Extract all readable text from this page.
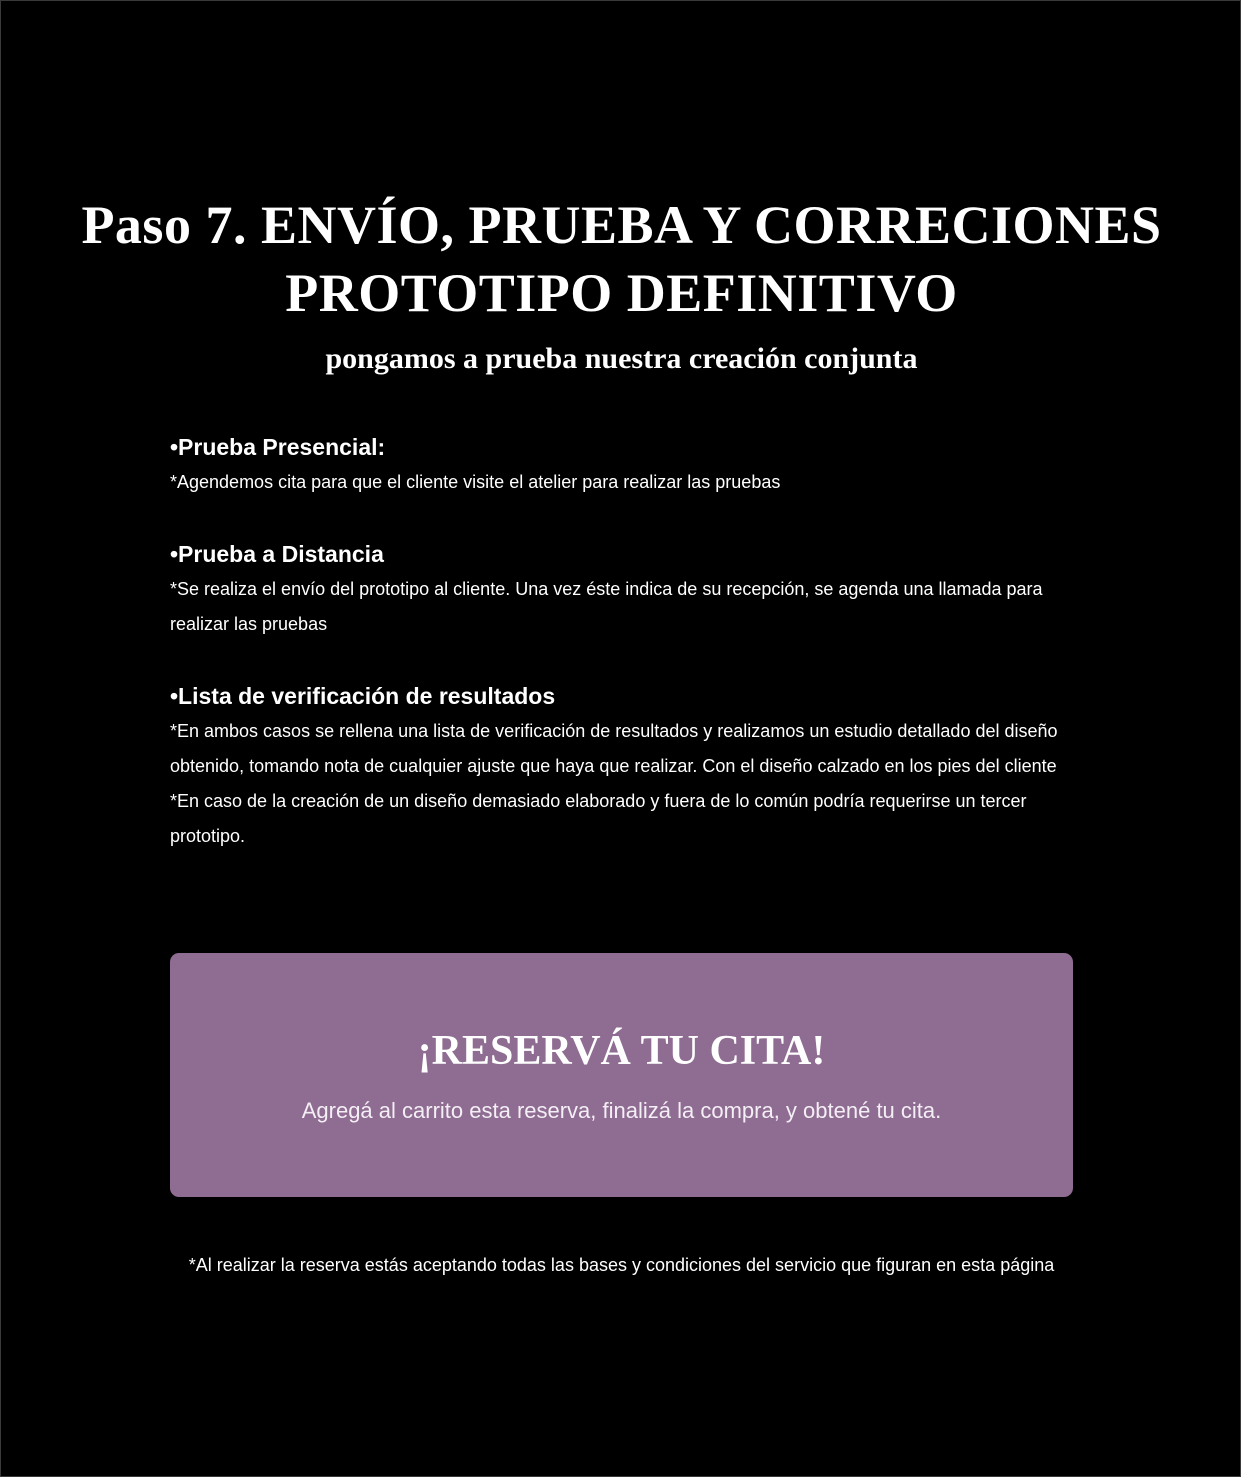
Paso 7. ENVÍO, PRUEBA Y CORRECIONES
PROTOTIPO DEFINITIVO

pongamos a prueba nuestra creación conjunta

•Prueba Presencial:

*Agendemos cita para que el cliente visite el atelier para realizar las pruebas

•Prueba a Distancia

*Se realiza el envío del prototipo al cliente. Una vez éste indica de su recepción, se agenda una llamada para realizar las pruebas

•Lista de verificación de resultados

*En ambos casos se rellena una lista de verificación de resultados y realizamos un estudio detallado del diseño obtenido, tomando nota de cualquier ajuste que haya que realizar. Con el diseño calzado en los pies del cliente

*En caso de la creación de un diseño demasiado elaborado y fuera de lo común podría requerirse un tercer prototipo.

¡RESERVÁ TU CITA!

Agregá al carrito esta reserva, finalizá la compra, y obtené tu cita.

*Al realizar la reserva estás aceptando todas las bases y condiciones del servicio que figuran en esta página
